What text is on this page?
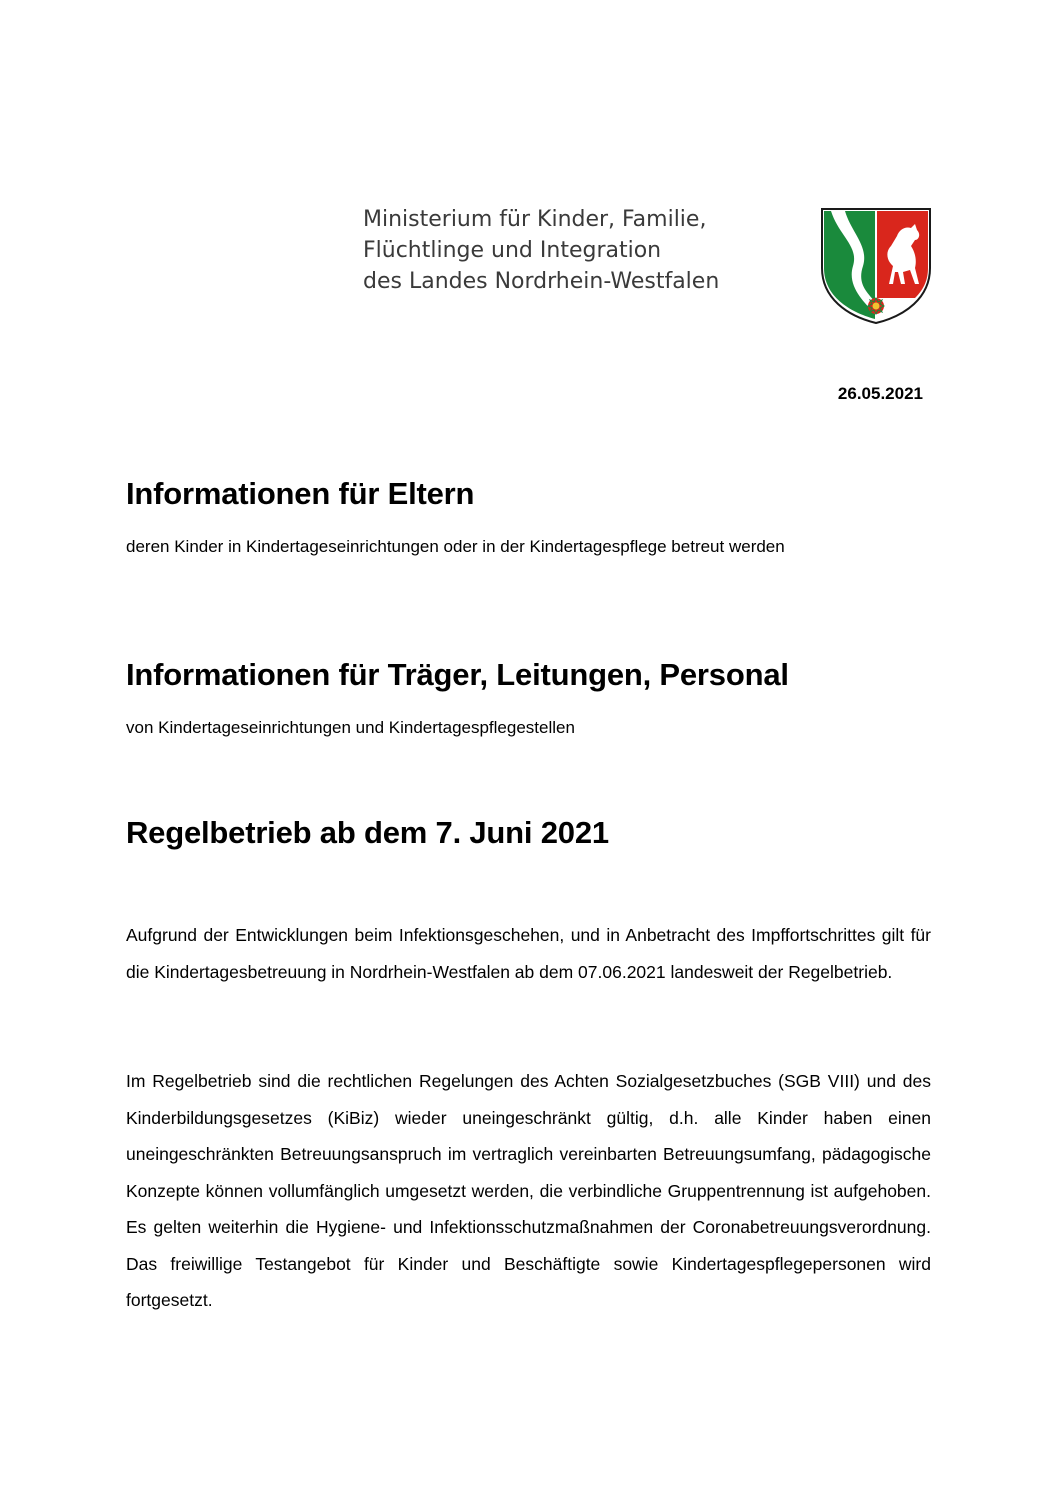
Ministerium für Kinder, Familie,
Flüchtlinge und Integration
des Landes Nordrhein-Westfalen
26.05.2021
Informationen für Eltern

deren Kinder in Kindertageseinrichtungen oder in der Kindertagespflege betreut werden

Informationen für Träger, Leitungen, Personal

von Kindertageseinrichtungen und Kindertagespflegestellen

Regelbetrieb ab dem 7. Juni 2021

Aufgrund der Entwicklungen beim Infektionsgeschehen, und in Anbetracht des Impffortschrittes gilt für die Kindertagesbetreuung in Nordrhein-Westfalen ab dem 07.06.2021 landesweit der Regelbetrieb.

Im Regelbetrieb sind die rechtlichen Regelungen des Achten Sozialgesetzbuches (SGB VIII) und des Kinderbildungsgesetzes (KiBiz) wieder uneingeschränkt gültig, d.h. alle Kinder haben einen uneingeschränkten Betreuungsanspruch im vertraglich vereinbarten Betreuungsumfang, pädagogische Konzepte können vollumfänglich umgesetzt werden, die verbindliche Gruppentrennung ist aufgehoben. Es gelten weiterhin die Hygiene- und Infektionsschutzmaßnahmen der Coronabetreuungsverordnung. Das freiwillige Testangebot für Kinder und Beschäftigte sowie Kindertagespflegepersonen wird fortgesetzt.
